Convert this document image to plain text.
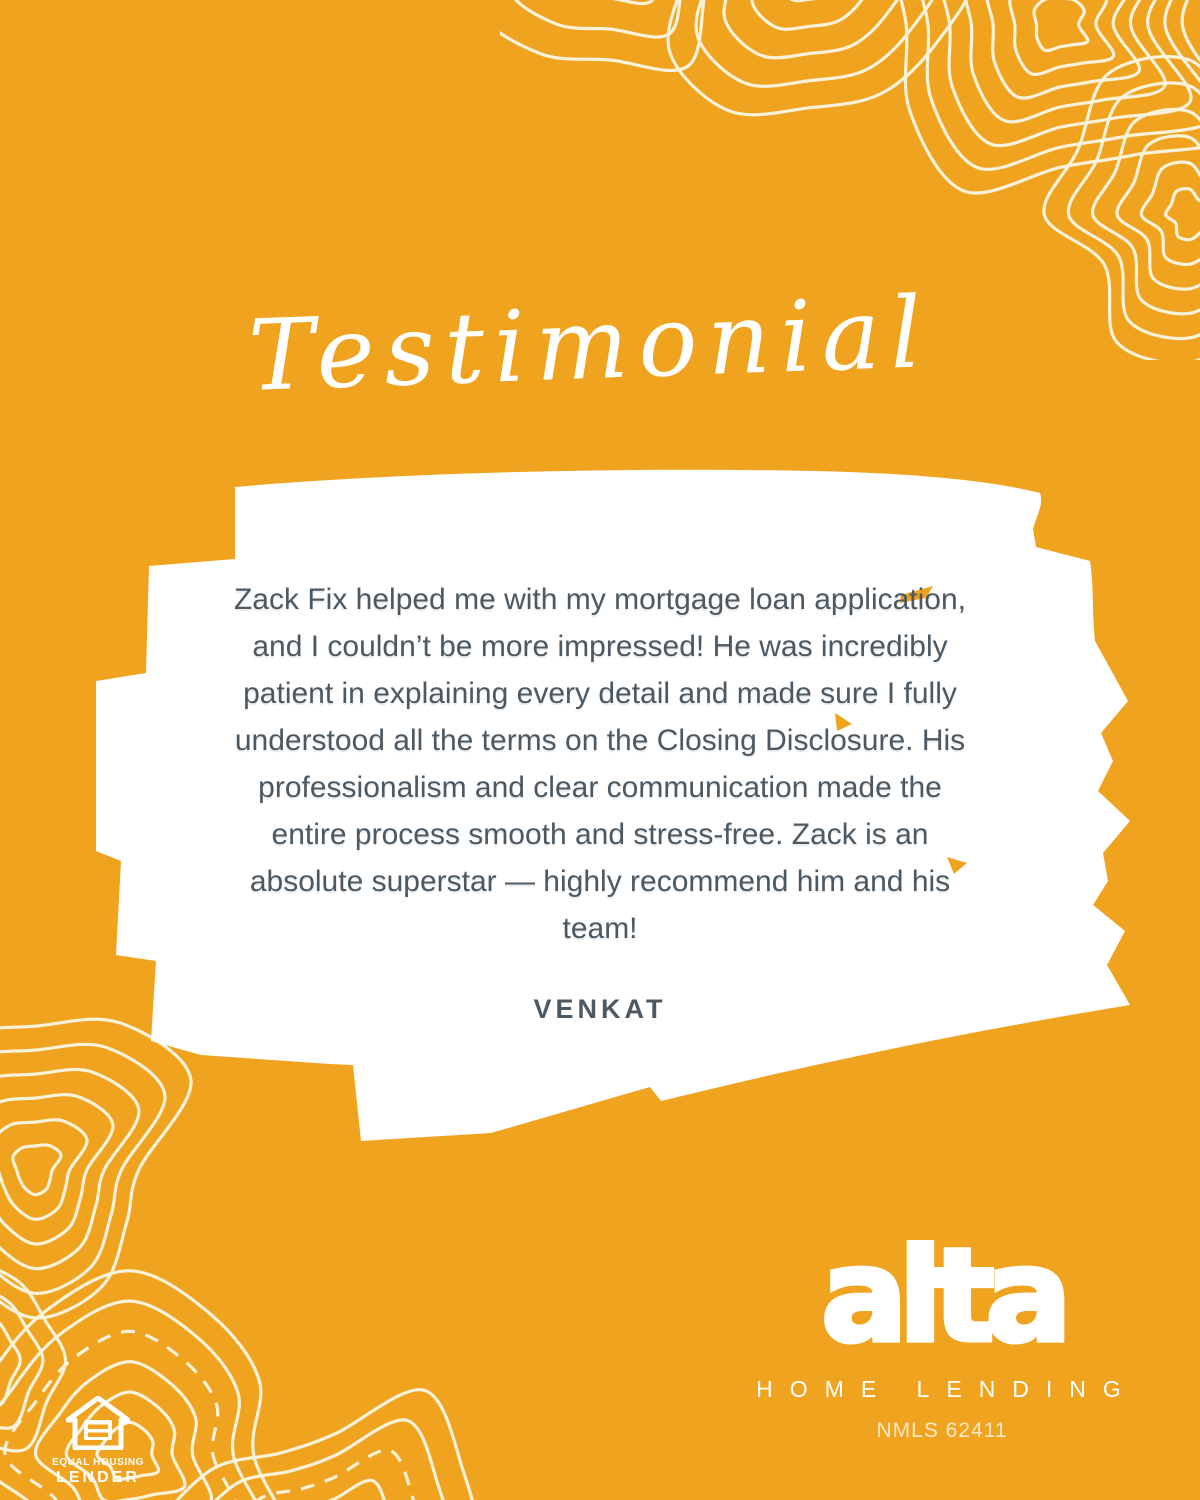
Testimonial
Zack Fix helped me with my mortgage loan application, and I couldn’t be more impressed! He was incredibly patient in explaining every detail and made sure I fully understood all the terms on the Closing Disclosure. His professionalism and clear communication made the entire process smooth and stress-free. Zack is an absolute superstar — highly recommend him and his team!
VENKAT
alta
HOME LENDING
NMLS 62411
EQUAL HOUSING
LENDER
